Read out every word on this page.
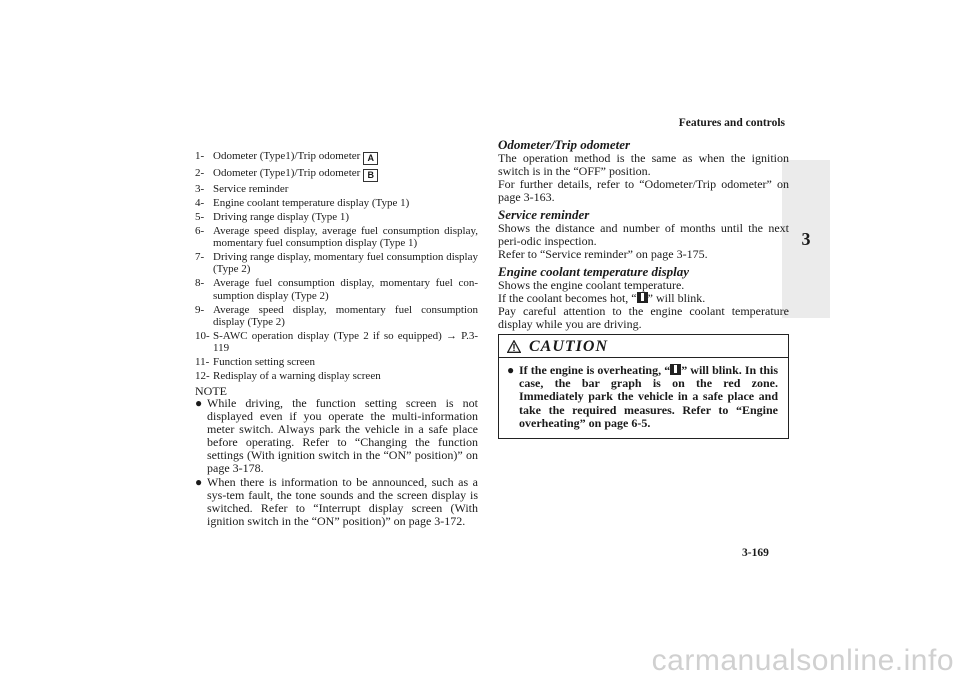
Features and controls
3
1- Odometer (Type1)/Trip odometer A
2- Odometer (Type1)/Trip odometer B
3- Service reminder
4- Engine coolant temperature display (Type 1)
5- Driving range display (Type 1)
6- Average speed display, average fuel consumption display, momentary fuel consumption display (Type 1)
7- Driving range display, momentary fuel consumption display (Type 2)
8- Average fuel consumption display, momentary fuel con-sumption display (Type 2)
9- Average speed display, momentary fuel consumption display (Type 2)
10- S-AWC operation display (Type 2 if so equipped) → P.3-119
11- Function setting screen
12- Redisplay of a warning display screen
NOTE
● While driving, the function setting screen is not displayed even if you operate the multi-information meter switch. Always park the vehicle in a safe place before operating. Refer to “Changing the function settings (With ignition switch in the “ON” position)” on page 3-178.
● When there is information to be announced, such as a sys-tem fault, the tone sounds and the screen display is switched. Refer to “Interrupt display screen (With ignition switch in the “ON” position)” on page 3-172.
Odometer/Trip odometer
The operation method is the same as when the ignition switch is in the “OFF” position.
For further details, refer to “Odometer/Trip odometer” on page 3-163.
Service reminder
Shows the distance and number of months until the next peri-odic inspection.
Refer to “Service reminder” on page 3-175.
Engine coolant temperature display
Shows the engine coolant temperature.
If the coolant becomes hot, “ ” will blink.
Pay careful attention to the engine coolant temperature display while you are driving.
CAUTION
● If the engine is overheating, “ ” will blink. In this case, the bar graph is on the red zone. Immediately park the vehicle in a safe place and take the required measures. Refer to “Engine overheating” on page 6-5.
3-169
carmanualsonline.info
